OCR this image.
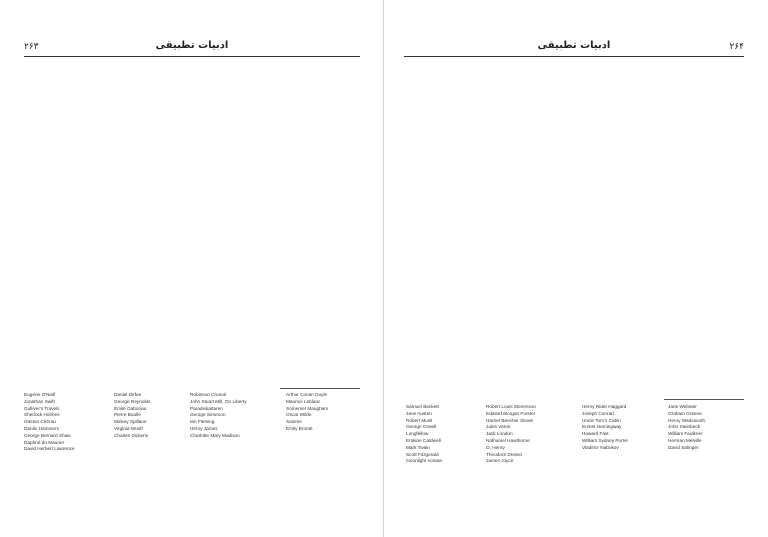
۲۶۳	ادبیات تطبیقی
Eugene O'Neill
Jonathan Swift
Gulliver's Travels
Sherlock Holmes
Gaston Chérau
Danilo Hammers
George Bernard Shaw
Daphné du Maurier
David Herbert Lawrence
Daniel Defoe
George Reynolds
Émile Gaboriau
Pierre Boulle
Mickey Spillane
Virginia Woolf
Charles Dickens
Robinson Crusoé
John Stuart Mill, On Liberty
Paradiskattaren
George Simenon
Ian Fleming
Henry James
Charlotte Mary Madison
Arthur Conan Doyle
Maurice Leblanc
Somerset Maugham
Oscar Wilde
Salomé
Emily Brontë
۲۶۴
ادبیات تطبیقی
Samuel Beckett
Jane Austen
Robert Musil
George Orwell
Longfellow
Erskine Caldwell
Mark Twain
Scott Fitzgerald
moonlight sonata
Robert Louis Stevenson
Edward Morgan Forster
Harriet Beecher Stowe
Jules Verne
Jack London
Nathaniel Hawthorne
O. Henry
Theodore Dreiser
James Joyce
Henry Rider Haggard
Joseph Conrad
Uncle Tom's Cabin
Ernest Hemingway
Howard Fast
William Sydney Porter
Vladimir Nabokov
Jane Webster
Graham Greene
Henry Wadsworth
John Steinbeck
William Faulkner
Herman Melville
David Salinger
